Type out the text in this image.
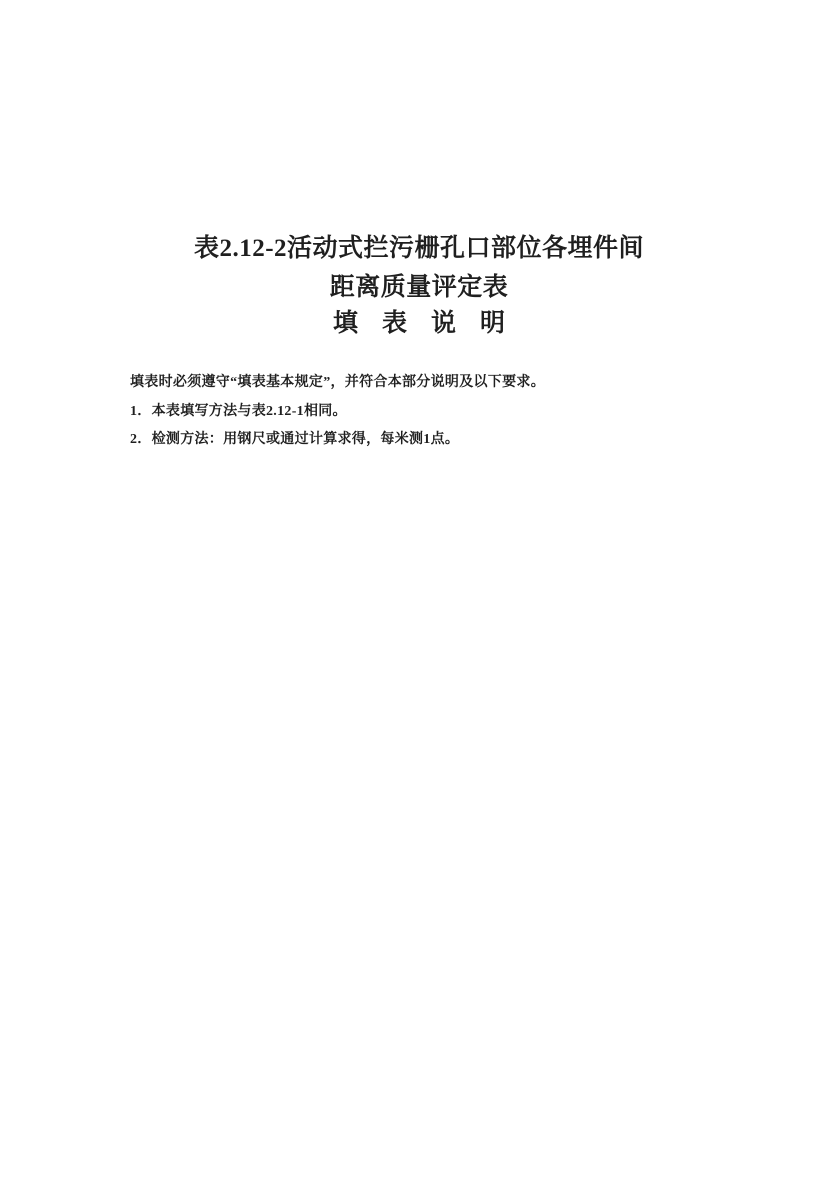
表2.12-2活动式拦污栅孔口部位各埋件间
距离质量评定表
填表说明

填表时必须遵守“填表基本规定”，并符合本部分说明及以下要求。

1．本表填写方法与表2.12-1相同。

2．检测方法：用钢尺或通过计算求得，每米测1点。
